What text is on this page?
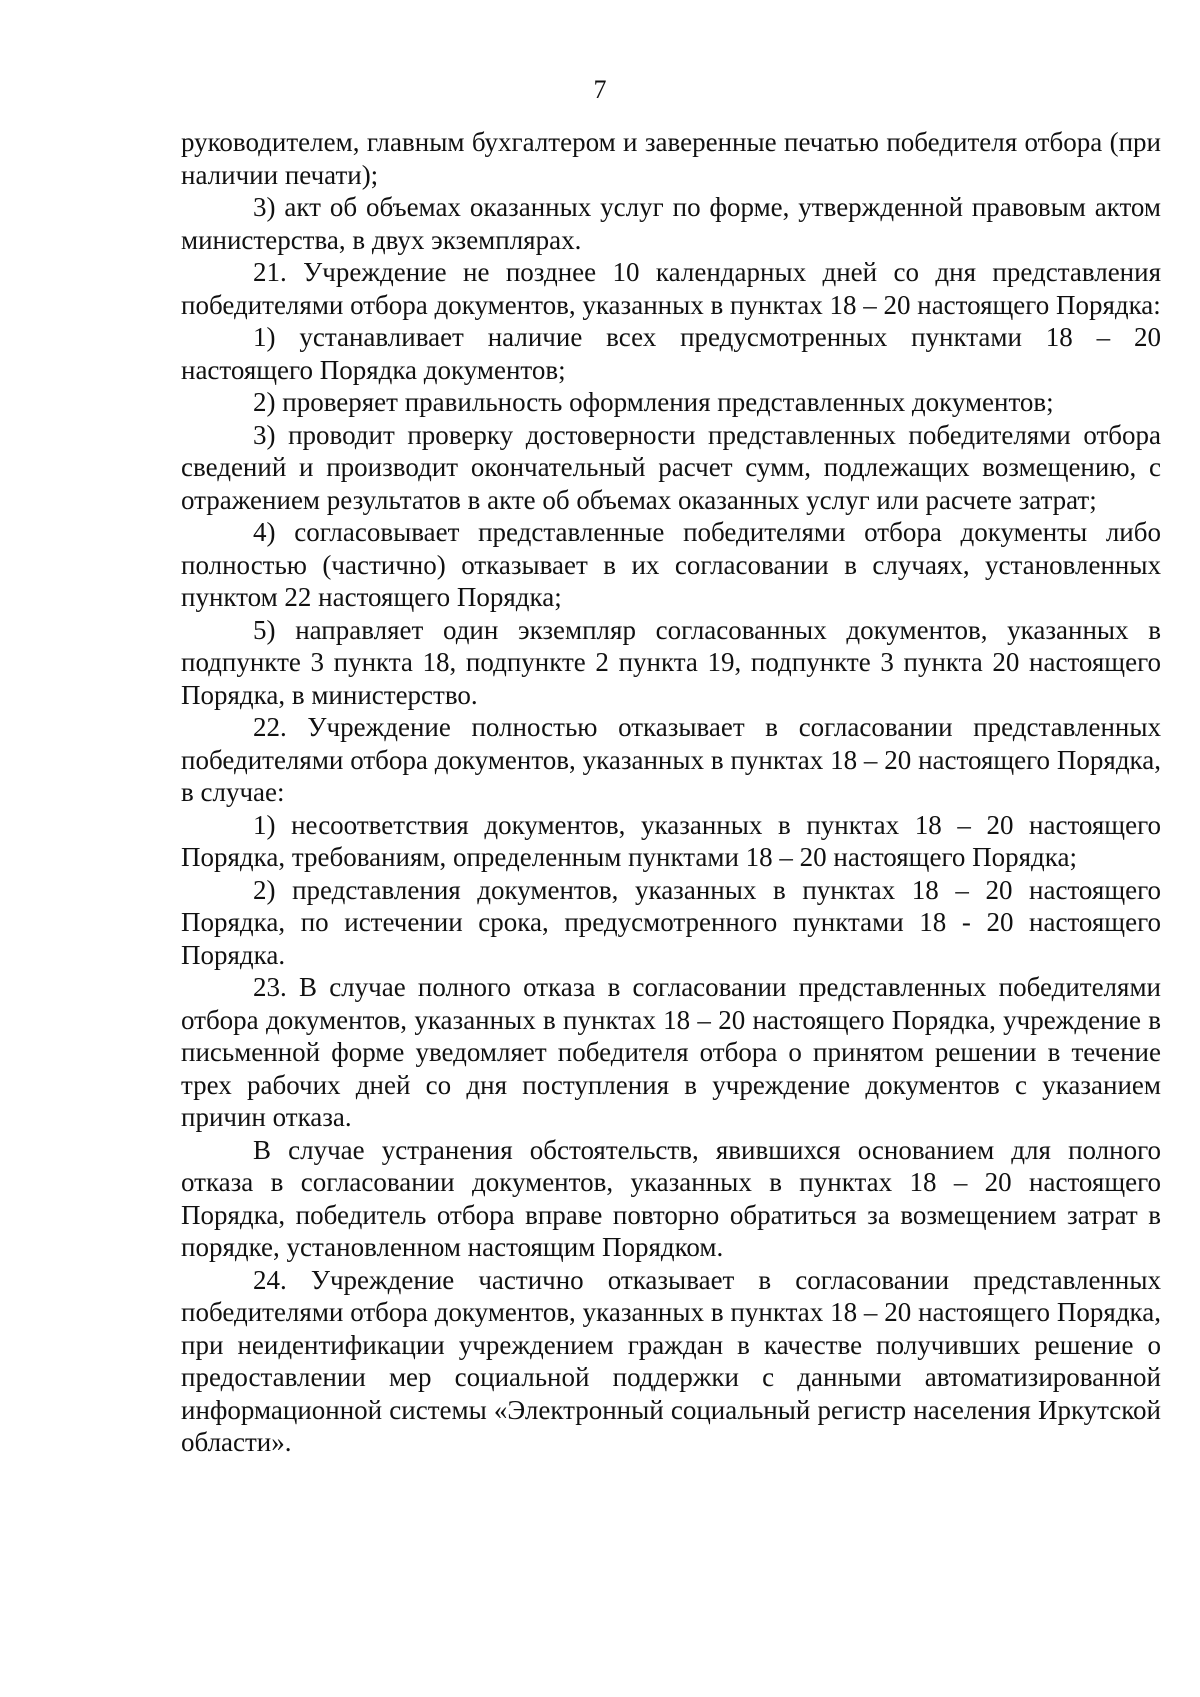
7

руководителем, главным бухгалтером и заверенные печатью победителя отбора (при наличии печати);

3) акт об объемах оказанных услуг по форме, утвержденной правовым актом министерства, в двух экземплярах.

21. Учреждение не позднее 10 календарных дней со дня представления победителями отбора документов, указанных в пунктах 18 – 20 настоящего Порядка:

1) устанавливает наличие всех предусмотренных пунктами 18 – 20 настоящего Порядка документов;

2) проверяет правильность оформления представленных документов;

3) проводит проверку достоверности представленных победителями отбора сведений и производит окончательный расчет сумм, подлежащих возмещению, с отражением результатов в акте об объемах оказанных услуг или расчете затрат;

4) согласовывает представленные победителями отбора документы либо полностью (частично) отказывает в их согласовании в случаях, установленных пунктом 22 настоящего Порядка;

5) направляет один экземпляр согласованных документов, указанных в подпункте 3 пункта 18, подпункте 2 пункта 19, подпункте 3 пункта 20 настоящего Порядка, в министерство.

22. Учреждение полностью отказывает в согласовании представленных победителями отбора документов, указанных в пунктах 18 – 20 настоящего Порядка, в случае:

1) несоответствия документов, указанных в пунктах 18 – 20 настоящего Порядка, требованиям, определенным пунктами 18 – 20 настоящего Порядка;

2) представления документов, указанных в пунктах 18 – 20 настоящего Порядка, по истечении срока, предусмотренного пунктами 18 - 20 настоящего Порядка.

23. В случае полного отказа в согласовании представленных победителями отбора документов, указанных в пунктах 18 – 20 настоящего Порядка, учреждение в письменной форме уведомляет победителя отбора о принятом решении в течение трех рабочих дней со дня поступления в учреждение документов с указанием причин отказа.

В случае устранения обстоятельств, явившихся основанием для полного отказа в согласовании документов, указанных в пунктах 18 – 20 настоящего Порядка, победитель отбора вправе повторно обратиться за возмещением затрат в порядке, установленном настоящим Порядком.

24. Учреждение частично отказывает в согласовании представленных победителями отбора документов, указанных в пунктах 18 – 20 настоящего Порядка, при неидентификации учреждением граждан в качестве получивших решение о предоставлении мер социальной поддержки с данными автоматизированной информационной системы «Электронный социальный регистр населения Иркутской области».
